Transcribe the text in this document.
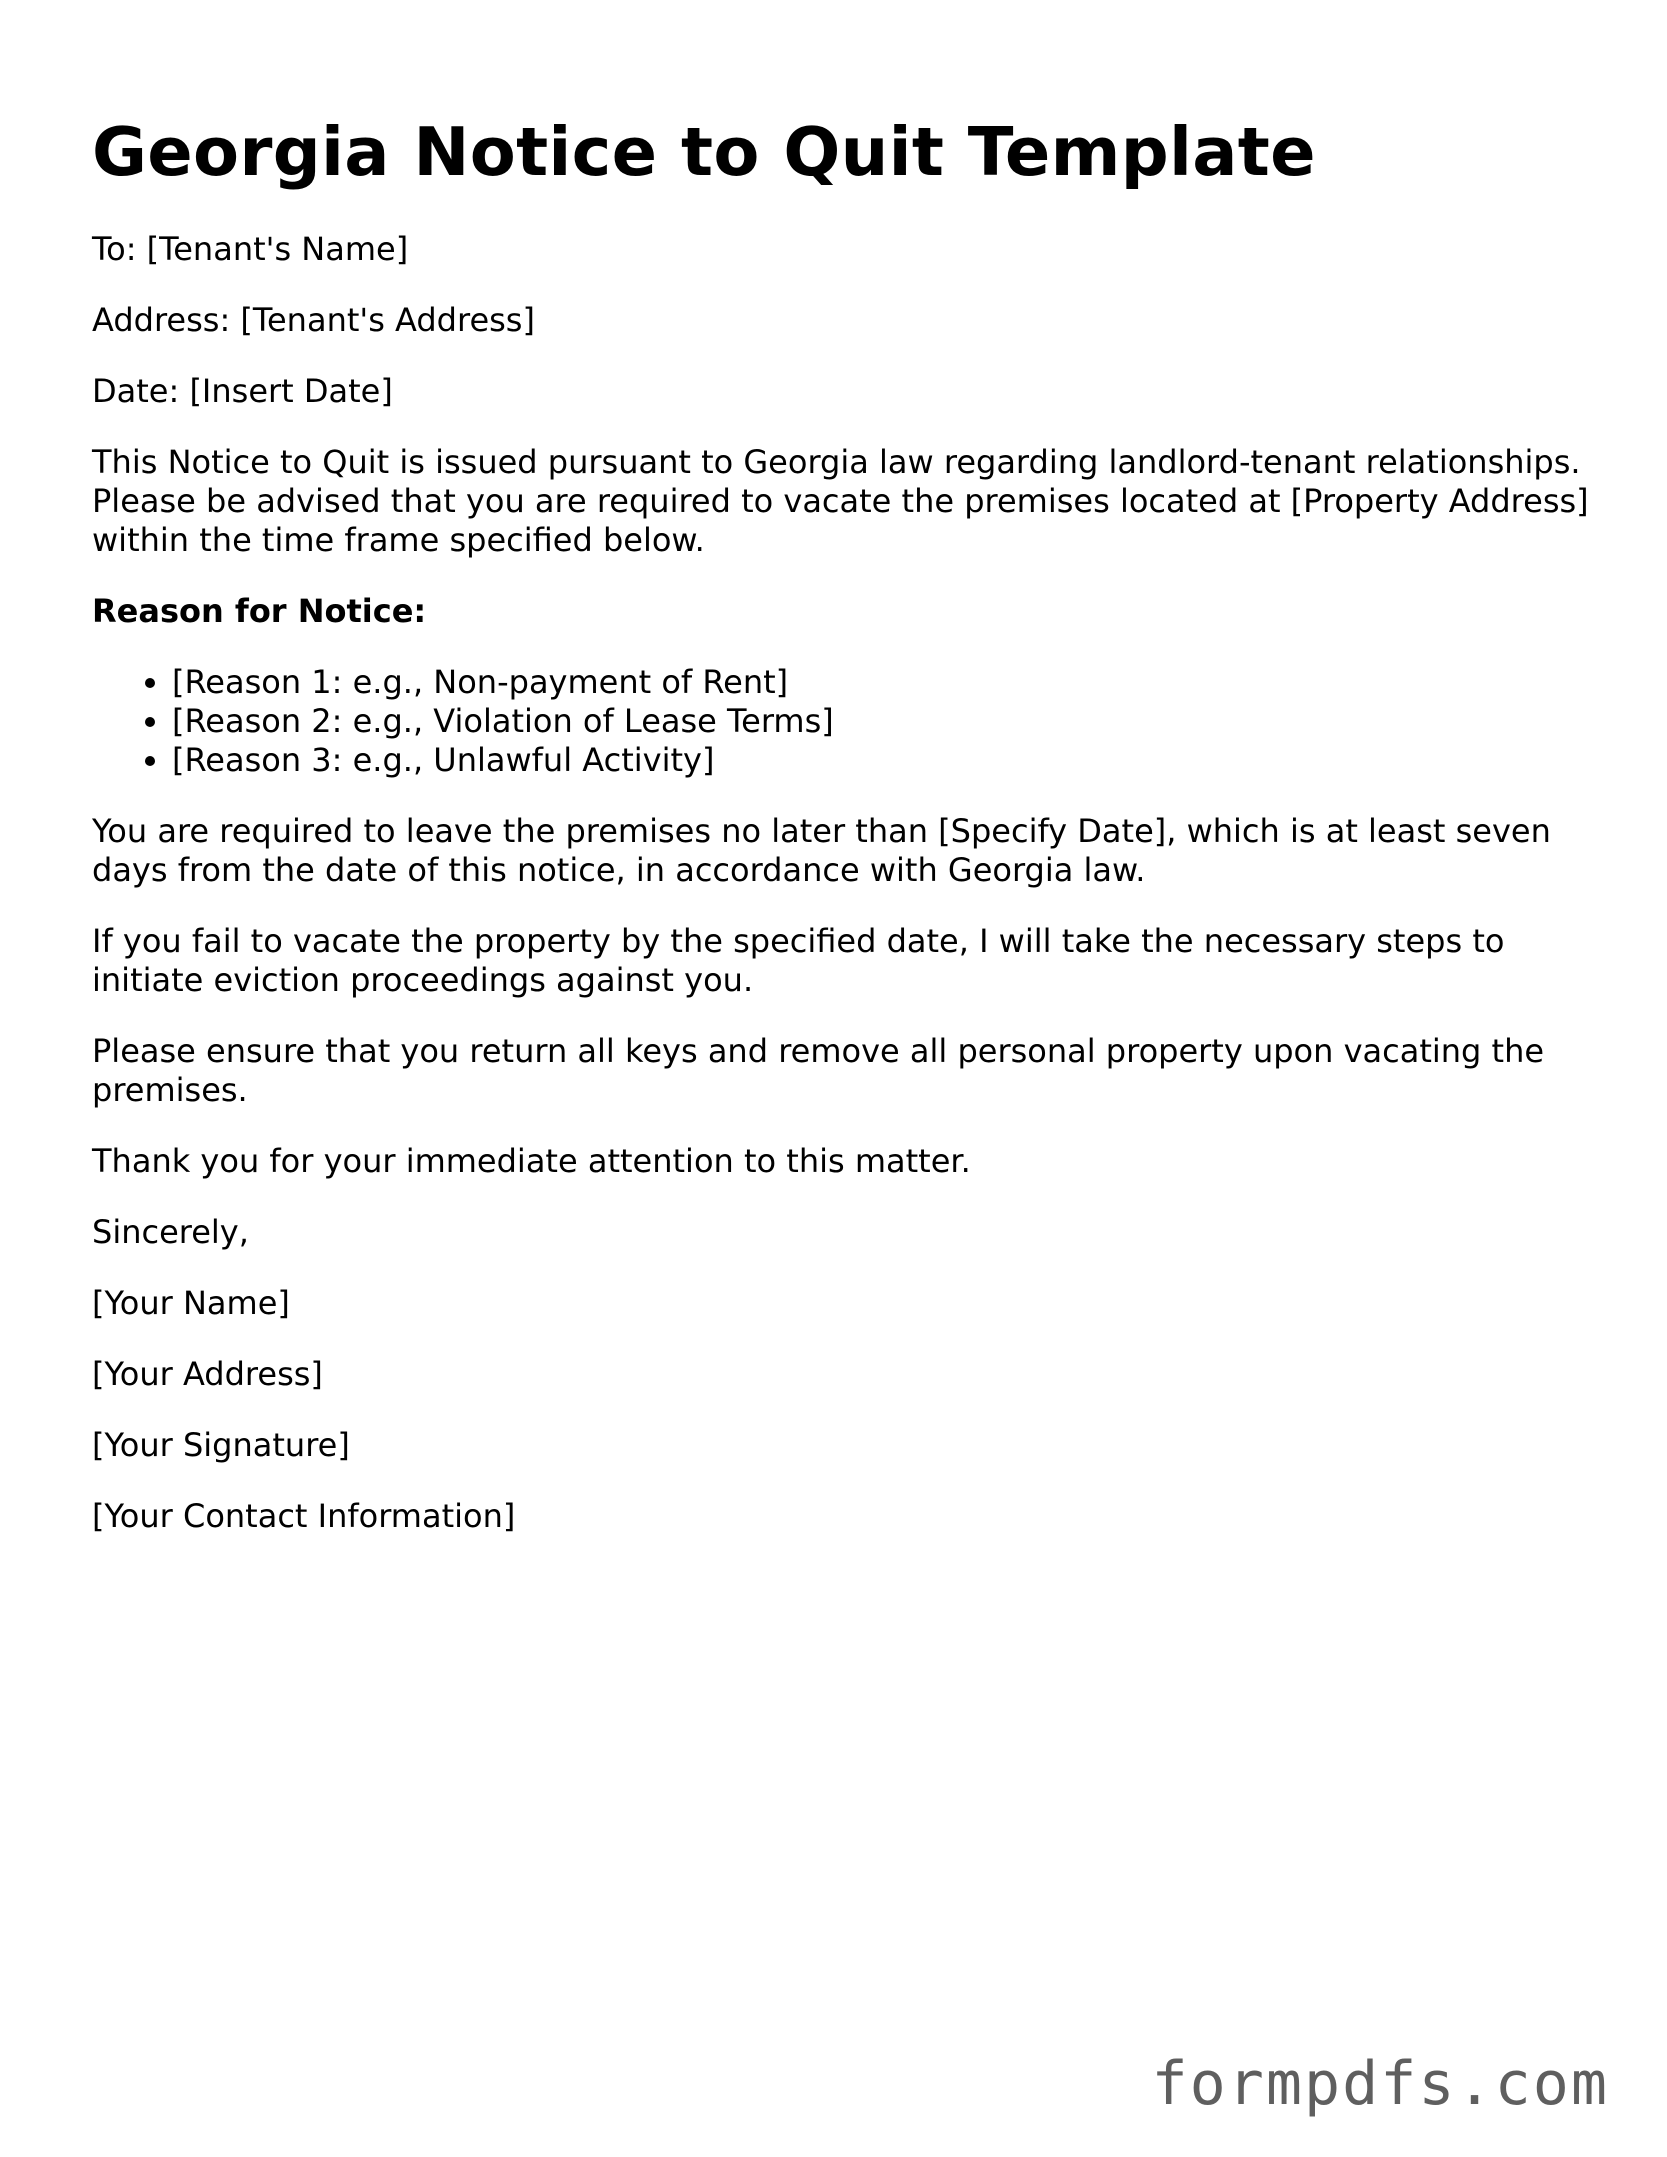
Georgia Notice to Quit Template

To: [Tenant's Name]

Address: [Tenant's Address]

Date: [Insert Date]

This Notice to Quit is issued pursuant to Georgia law regarding landlord-tenant relationships. Please be advised that you are required to vacate the premises located at [Property Address] within the time frame specified below.

Reason for Notice:

• [Reason 1: e.g., Non-payment of Rent]
• [Reason 2: e.g., Violation of Lease Terms]
• [Reason 3: e.g., Unlawful Activity]

You are required to leave the premises no later than [Specify Date], which is at least seven days from the date of this notice, in accordance with Georgia law.

If you fail to vacate the property by the specified date, I will take the necessary steps to initiate eviction proceedings against you.

Please ensure that you return all keys and remove all personal property upon vacating the premises.

Thank you for your immediate attention to this matter.

Sincerely,

[Your Name]

[Your Address]

[Your Signature]

[Your Contact Information]

formpdfs.com
